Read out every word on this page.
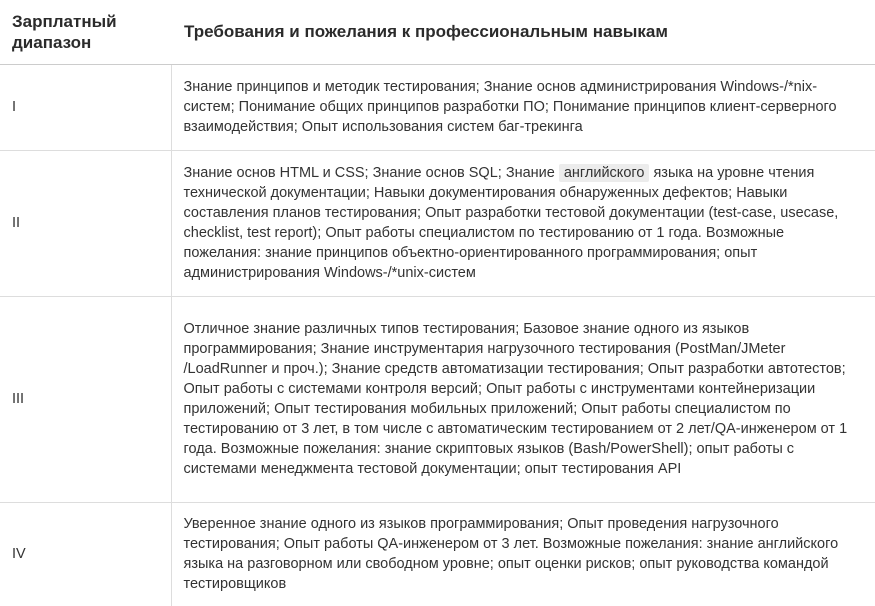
Зарплатный диапазон	Требования и пожелания к профессиональным навыкам
I	Знание принципов и методик тестирования; Знание основ администрирования Windows-/*nix-систем; Понимание общих принципов разработки ПО; Понимание принципов клиент-серверного взаимодействия; Опыт использования систем баг-трекинга
II	Знание основ HTML и CSS; Знание основ SQL; Знание английского языка на уровне чтения технической документации; Навыки документирования обнаруженных дефектов; Навыки составления планов тестирования; Опыт разработки тестовой документации (test-case, usecase, checklist, test report); Опыт работы специалистом по тестированию от 1 года. Возможные пожелания: знание принципов объектно-ориентированного программирования; опыт администрирования Windows-/*unix-систем
III	Отличное знание различных типов тестирования; Базовое знание одного из языков программирования; Знание инструментария нагрузочного тестирования (PostMan/JMeter /LoadRunner и проч.); Знание средств автоматизации тестирования; Опыт разработки автотестов; Опыт работы с системами контроля версий; Опыт работы с инструментами контейнеризации приложений; Опыт тестирования мобильных приложений; Опыт работы специалистом по тестированию от 3 лет, в том числе с автоматическим тестированием от 2 лет/QA-инженером от 1 года. Возможные пожелания: знание скриптовых языков (Bash/PowerShell); опыт работы с системами менеджмента тестовой документации; опыт тестирования API
IV	Уверенное знание одного из языков программирования; Опыт проведения нагрузочного тестирования; Опыт работы QA-инженером от 3 лет. Возможные пожелания: знание английского языка на разговорном или свободном уровне; опыт оценки рисков; опыт руководства командой тестировщиков
